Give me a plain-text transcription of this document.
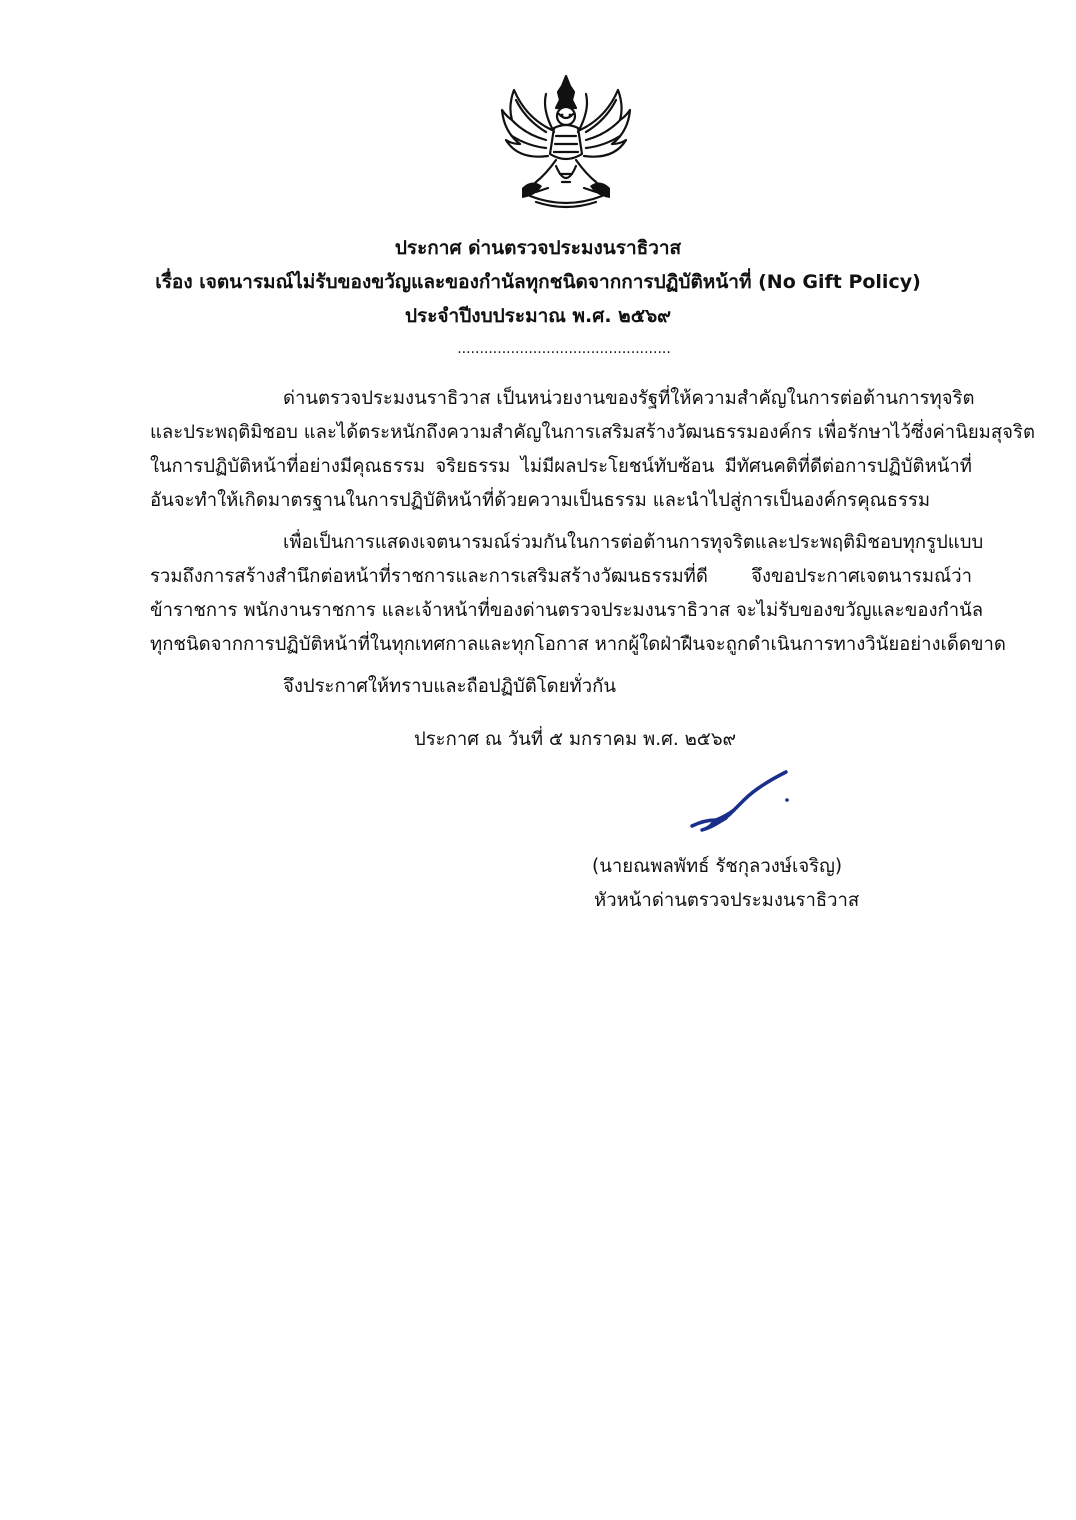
ประกาศ ด่านตรวจประมงนราธิวาส
เรื่อง เจตนารมณ์ไม่รับของขวัญและของกำนัลทุกชนิดจากการปฏิบัติหน้าที่ (No Gift Policy)
ประจำปีงบประมาณ พ.ศ. ๒๕๖๙
................................................
ด่านตรวจประมงนราธิวาส เป็นหน่วยงานของรัฐที่ให้ความสำคัญในการต่อต้านการทุจริต
และประพฤติมิชอบ และได้ตระหนักถึงความสำคัญในการเสริมสร้างวัฒนธรรมองค์กร เพื่อรักษาไว้ซึ่งค่านิยมสุจริต
ในการปฏิบัติหน้าที่อย่างมีคุณธรรม จริยธรรม ไม่มีผลประโยชน์ทับซ้อน มีทัศนคติที่ดีต่อการปฏิบัติหน้าที่
อันจะทำให้เกิดมาตรฐานในการปฏิบัติหน้าที่ด้วยความเป็นธรรม และนำไปสู่การเป็นองค์กรคุณธรรม
เพื่อเป็นการแสดงเจตนารมณ์ร่วมกันในการต่อต้านการทุจริตและประพฤติมิชอบทุกรูปแบบ
รวมถึงการสร้างสำนึกต่อหน้าที่ราชการและการเสริมสร้างวัฒนธรรมที่ดี จึงขอประกาศเจตนารมณ์ว่า
ข้าราชการ พนักงานราชการ และเจ้าหน้าที่ของด่านตรวจประมงนราธิวาส จะไม่รับของขวัญและของกำนัล
ทุกชนิดจากการปฏิบัติหน้าที่ในทุกเทศกาลและทุกโอกาส หากผู้ใดฝ่าฝืนจะถูกดำเนินการทางวินัยอย่างเด็ดขาด
จึงประกาศให้ทราบและถือปฏิบัติโดยทั่วกัน
ประกาศ ณ วันที่ ๕ มกราคม พ.ศ. ๒๕๖๙
(นายณพลพัทธ์ รัชกุลวงษ์เจริญ)
หัวหน้าด่านตรวจประมงนราธิวาส
